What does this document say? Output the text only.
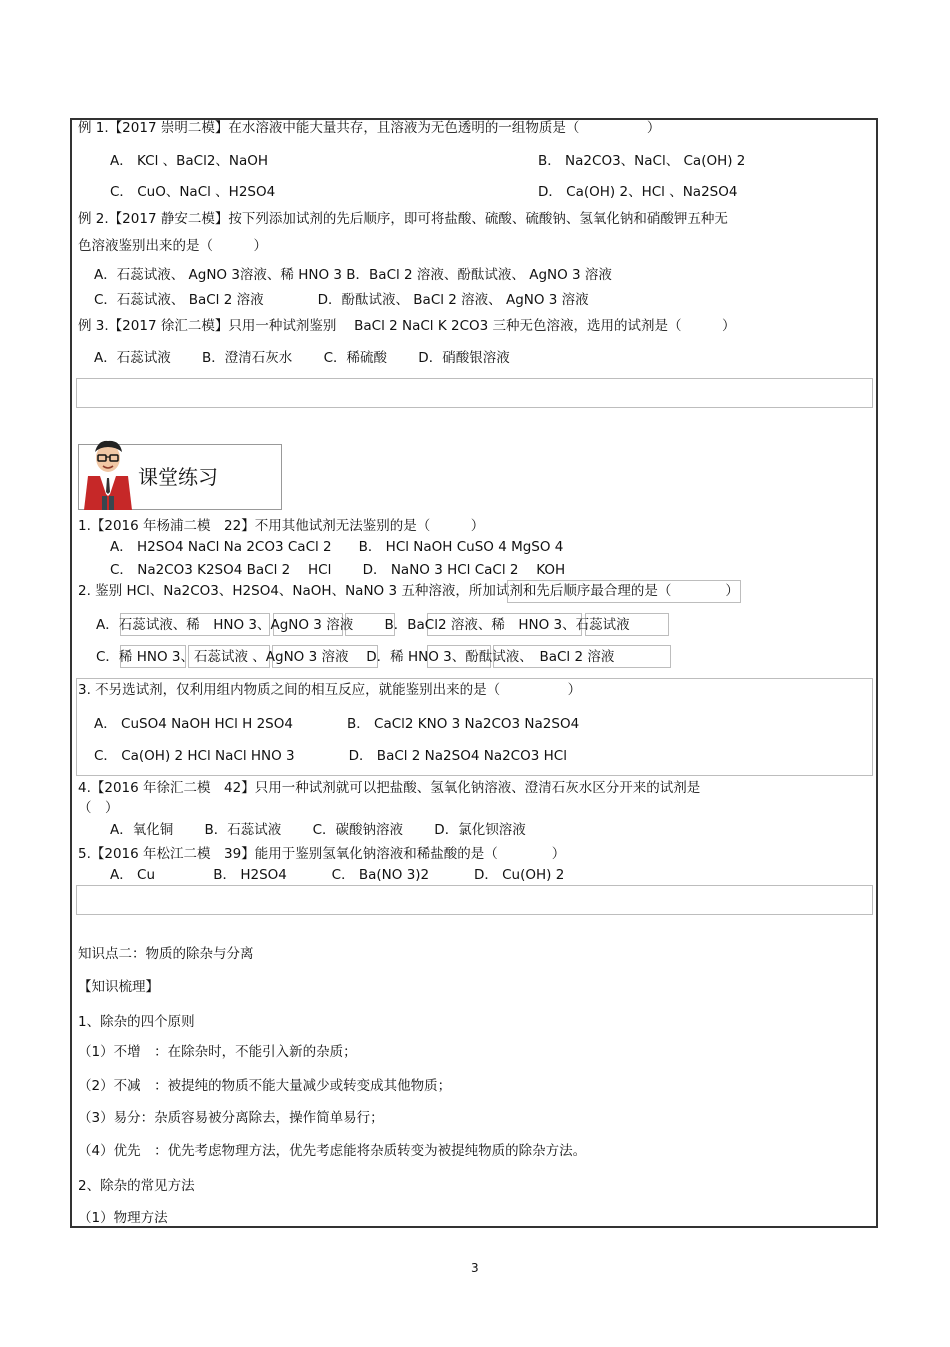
例 1.【2017 崇明二模】在水溶液中能大量共存，且溶液为无色透明的一组物质是（　　　　　）
A． KCl 、BaCl2、NaOH	B． Na2CO3、NaCl、 Ca(OH) 2
C． CuO、NaCl 、H2SO4	D． Ca(OH) 2、HCl 、Na2SO4
例 2.【2017 静安二模】按下列添加试剂的先后顺序，即可将盐酸、硫酸、硫酸钠、氢氧化钠和硝酸钾五种无
色溶液鉴别出来的是（　　　）
A．石蕊试液、 AgNO 3溶液、稀 HNO 3 B．BaCl 2 溶液、酚酞试液、 AgNO 3 溶液
C．石蕊试液、 BaCl 2 溶液　　　　D．酚酞试液、 BaCl 2 溶液、 AgNO 3 溶液
例 3.【2017 徐汇二模】只用一种试剂鉴别　 BaCl 2 NaCl K 2CO3 三种无色溶液，选用的试剂是（　　　）
A．石蕊试液　　 B．澄清石灰水　　 C．稀硫酸　　 D．硝酸银溶液
课堂练习
1.【2016 年杨浦二模　22】不用其他试剂无法鉴别的是（　　　）
A． H2SO4 NaCl Na 2CO3 CaCl 2　　B． HCl NaOH CuSO 4 MgSO 4
C． Na2CO3 K2SO4 BaCl 2　 HCl　　 D． NaNO 3 HCl CaCl 2　 KOH
2. 鉴别 HCl、Na2CO3、H2SO4、NaOH、NaNO 3 五种溶液，所加试剂和先后顺序最合理的是（　　　　）
A．石蕊试液、稀　HNO 3、AgNO 3 溶液　　 B．BaCl2 溶液、稀　HNO 3、石蕊试液
C．稀 HNO 3、石蕊试液 、AgNO 3 溶液　 D．稀 HNO 3、酚酞试液、　BaCl 2 溶液
3. 不另选试剂，仅利用组内物质之间的相互反应，就能鉴别出来的是（　　　　　）
A． CuSO4 NaOH HCl H 2SO4　　　　B． CaCl2 KNO 3 Na2CO3 Na2SO4
C． Ca(OH) 2 HCl NaCl HNO 3　　　　D． BaCl 2 Na2SO4 Na2CO3 HCl
4.【2016 年徐汇二模　42】只用一种试剂就可以把盐酸、氢氧化钠溶液、澄清石灰水区分开来的试剂是
（　）
A．氧化铜　　 B．石蕊试液　　 C．碳酸钠溶液　　 D．氯化钡溶液
5.【2016 年松江二模　39】能用于鉴别氢氧化钠溶液和稀盐酸的是（　　　　）
A． Cu　　　　 B． H2SO4　　　 C． Ba(NO 3)2　　　 D． Cu(OH) 2
知识点二：物质的除杂与分离
【知识梳理】
1、除杂的四个原则
（1）不增　：在除杂时，不能引入新的杂质；
（2）不减　：被提纯的物质不能大量减少或转变成其他物质；
（3）易分：杂质容易被分离除去，操作简单易行；
（4）优先　：优先考虑物理方法，优先考虑能将杂质转变为被提纯物质的除杂方法。
2、除杂的常见方法
（1）物理方法
3
